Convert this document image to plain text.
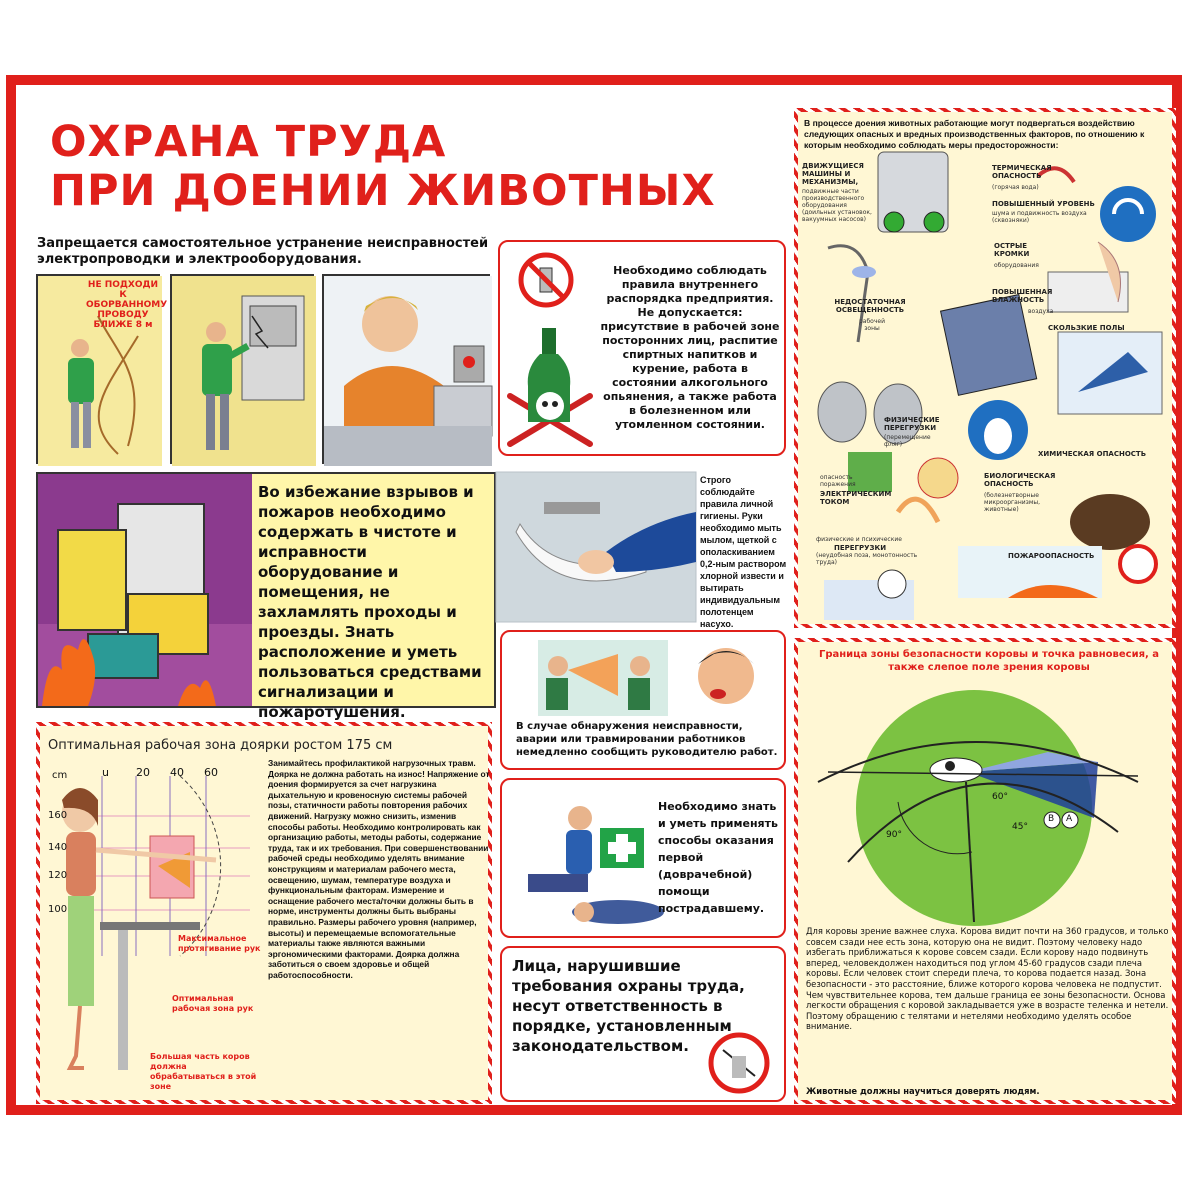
ОХРАНА ТРУДА
ПРИ ДОЕНИИ ЖИВОТНЫХ
Запрещается самостоятельное устранение неисправностей электропроводки и электрооборудования.
НЕ ПОДХОДИ К ОБОРВАННОМУ ПРОВОДУ БЛИЖЕ 8 м
Необходимо соблюдать правила внутреннего распорядка предприятия.
Не допускается:
присутствие в рабочей зоне посторонних лиц, распитие спиртных напитков и курение, работа в состоянии алкогольного опьянения, а также работа в болезненном или утомленном состоянии.
Во избежание взрывов и пожаров необходимо содержать в чистоте и исправности оборудование и помещения, не захламлять проходы и проезды. Знать расположение и уметь пользоваться средствами сигнализации и пожаротушения.
Строго соблюдайте правила личной гигиены. Руки необходимо мыть мылом, щеткой с ополаскиванием 0,2-ным раствором хлорной извести и вытирать индивидуальным полотенцем насухо.
В случае обнаружения неисправности, аварии или травмировании работников немедленно сообщить руководителю работ.
Необходимо знать и уметь применять способы оказания первой (доврачебной) помощи пострадавшему.
Лица, нарушившие требования охраны труда, несут ответственность в порядке, установленным законодательством.
Оптимальная рабочая зона доярки ростом 175 см
cm	u 20 40 60
160
140
120
100
Максимальное протягивание рук
Оптимальная рабочая зона рук
Большая часть коров должна обрабатываться в этой зоне
Занимайтесь профилактикой нагрузочных травм. Доярка не должна работать на износ! Напряжение от доения формируется за счет нагрузкина дыхательную и кровеносную системы рабочей позы, статичности работы повторения рабочих движений. Нагрузку можно снизить, изменив способы работы. Необходимо контролировать как организацию работы, методы работы, содержание труда, так и их требования. При совершенствовании рабочей среды необходимо уделять внимание конструкциям и материалам рабочего места, освещению, шумам, температуре воздуха и функциональным факторам. Измерение и оснащение рабочего места/точки должны быть в норме, инструменты должны быть выбраны правильно. Размеры рабочего уровня (например, высоты) и перемещаемые вспомогательные материалы также являются важными эргономическими факторами. Доярка должна заботиться о своем здоровье и общей работоспособности.
В процессе доения животных работающие могут подвергаться воздействию следующих опасных и вредных производственных факторов, по отношению к которым необходимо соблюдать меры предосторожности:
ДВИЖУЩИЕСЯ МАШИНЫ И МЕХАНИЗМЫ,
подвижные части производственного оборудования (доильных установок, вакуумных насосов)
ТЕРМИЧЕСКАЯ ОПАСНОСТЬ
(горячая вода)
ПОВЫШЕННЫЙ УРОВЕНЬ
шума и подвижность воздуха (сквозняки)
ОСТРЫЕ КРОМКИ
оборудования
НЕДОСТАТОЧНАЯ ОСВЕЩЕННОСТЬ
рабочей зоны
ПОВЫШЕННАЯ ВЛАЖНОСТЬ
воздуха
СКОЛЬЗКИЕ ПОЛЫ
ФИЗИЧЕСКИЕ ПЕРЕГРУЗКИ
(перемещение фляг)
ХИМИЧЕСКАЯ ОПАСНОСТЬ
опасность поражения
ЭЛЕКТРИЧЕСКИМ ТОКОМ
БИОЛОГИЧЕСКАЯ ОПАСНОСТЬ
(болезнетворные микроорганизмы, животные)
физические и психические
ПЕРЕГРУЗКИ
(неудобная поза, монотонность труда)
ПОЖАРООПАСНОСТЬ
Граница зоны безопасности коровы и точка равновесия, а также слепое поле зрения коровы
90°
60°
45°
B A
Для коровы зрение важнее слуха. Корова видит почти на 360 градусов, и только совсем сзади нее есть зона, которую она не видит. Поэтому человеку надо избегать приближаться к корове совсем сзади. Если корову надо подвинуть вперед, человекдолжен находиться под углом 45-60 градусов сзади плеча коровы. Если человек стоит спереди плеча, то корова подается назад. Зона безопасности - это расстояние, ближе которого корова человека не подпустит. Чем чувствительнее корова, тем дальше граница ее зоны безопасности. Основа легкости обращения с коровой закладывается уже в возрасте теленка и нетели. Поэтому обращению с телятами и нетелями необходимо уделять особое внимание.
Животные должны научиться доверять людям.
